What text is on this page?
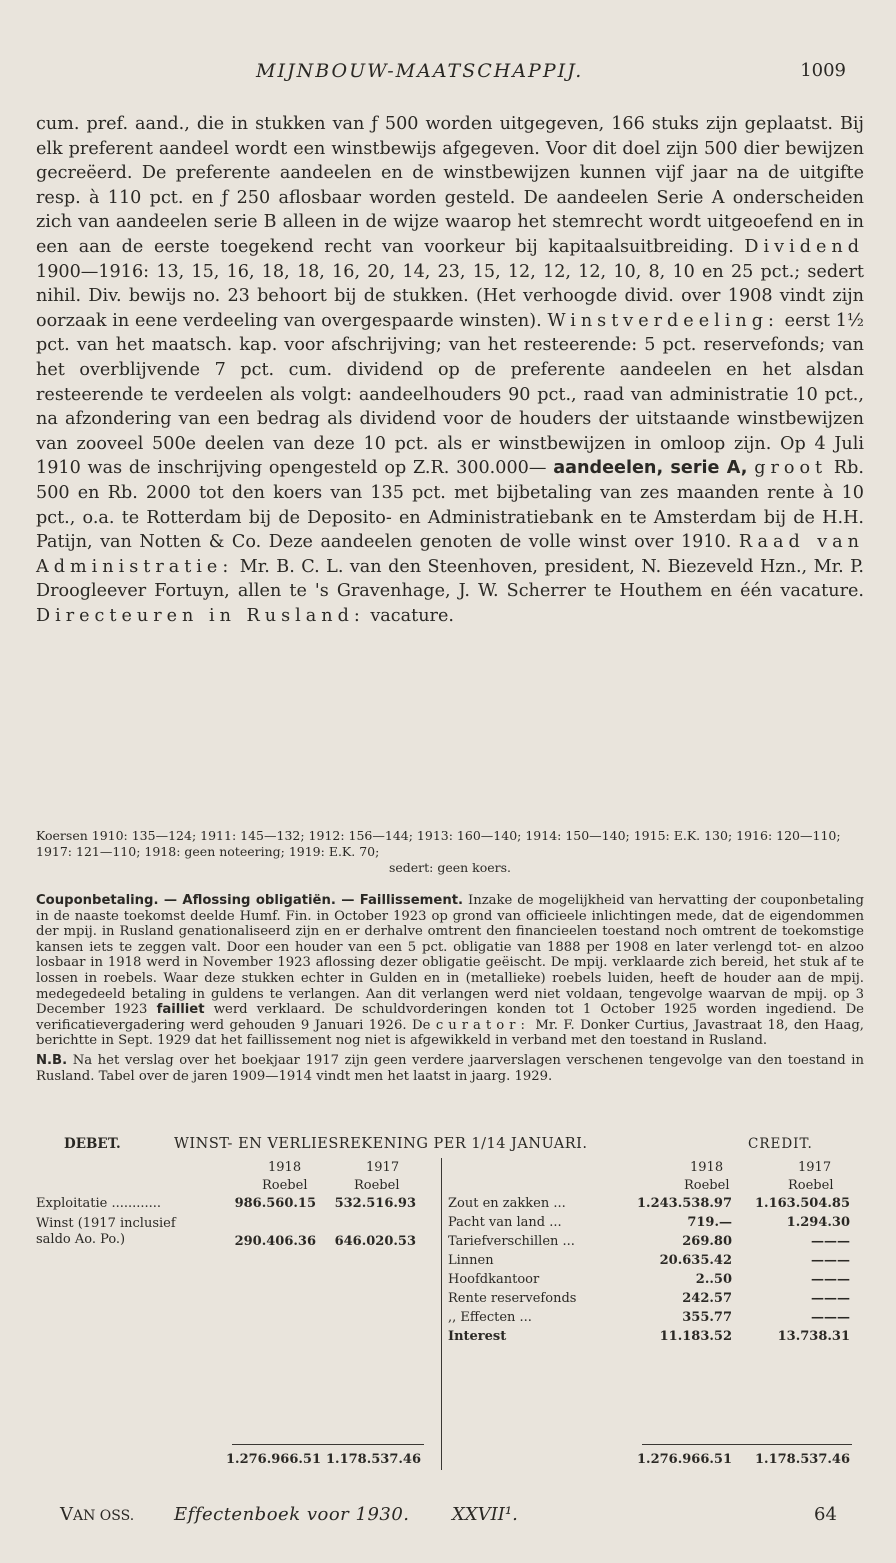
MIJNBOUW-MAATSCHAPPIJ.	1009

cum. pref. aand., die in stukken van ƒ 500 worden uitgegeven, 166 stuks zijn geplaatst. Bij elk preferent aandeel wordt een winstbewijs afgegeven. Voor dit doel zijn 500 dier bewijzen gecreëerd. De preferente aandeelen en de winstbewijzen kunnen vijf jaar na de uitgifte resp. à 110 pct. en ƒ 250 aflosbaar worden gesteld. De aandeelen Serie A onderscheiden zich van aandeelen serie B alleen in de wijze waarop het stemrecht wordt uitgeoefend en in een aan de eerste toegekend recht van voorkeur bij kapitaalsuitbreiding. Dividend 1900—1916: 13, 15, 16, 18, 18, 16, 20, 14, 23, 15, 12, 12, 12, 10, 8, 10 en 25 pct.; sedert nihil. Div. bewijs no. 23 behoort bij de stukken. (Het verhoogde divid. over 1908 vindt zijn oorzaak in eene verdeeling van overgespaarde winsten). Winstverdeeling: eerst 1½ pct. van het maatsch. kap. voor afschrijving; van het resteerende: 5 pct. reservefonds; van het overblijvende 7 pct. cum. dividend op de preferente aandeelen en het alsdan resteerende te verdeelen als volgt: aandeelhouders 90 pct., raad van administratie 10 pct., na afzondering van een bedrag als dividend voor de houders der uitstaande winstbewijzen van zooveel 500e deelen van deze 10 pct. als er winstbewijzen in omloop zijn. Op 4 Juli 1910 was de inschrijving opengesteld op Z.R. 300.000— aandeelen, serie A, groot Rb. 500 en Rb. 2000 tot den koers van 135 pct. met bijbetaling van zes maanden rente à 10 pct., o.a. te Rotterdam bij de Deposito- en Administratiebank en te Amsterdam bij de H.H. Patijn, van Notten & Co. Deze aandeelen genoten de volle winst over 1910. Raad van Administratie: Mr. B. C. L. van den Steenhoven, president, N. Biezeveld Hzn., Mr. P. Droogleever Fortuyn, allen te 's Gravenhage, J. W. Scherrer te Houthem en één vacature. Directeuren in Rusland: vacature.

Koersen 1910: 135—124; 1911: 145—132; 1912: 156—144; 1913: 160—140; 1914: 150—140; 1915: E.K. 130; 1916: 120—110; 1917: 121—110; 1918: geen noteering; 1919: E.K. 70;
sedert: geen koers.

Couponbetaling. — Aflossing obligatiën. — Faillissement. Inzake de mogelijkheid van hervatting der couponbetaling in de naaste toekomst deelde Humf. Fin. in October 1923 op grond van officieele inlichtingen mede, dat de eigendommen der mpij. in Rusland genationaliseerd zijn en er derhalve omtrent den financieelen toestand noch omtrent de toekomstige kansen iets te zeggen valt. Door een houder van een 5 pct. obligatie van 1888 per 1908 en later verlengd tot- en alzoo losbaar in 1918 werd in November 1923 aflossing dezer obligatie geëischt. De mpij. verklaarde zich bereid, het stuk af te lossen in roebels. Waar deze stukken echter in Gulden en in (metallieke) roebels luiden, heeft de houder aan de mpij. medegedeeld betaling in guldens te verlangen. Aan dit verlangen werd niet voldaan, tengevolge waarvan de mpij. op 3 December 1923 failliet werd verklaard. De schuldvorderingen konden tot 1 October 1925 worden ingediend. De verificatievergadering werd gehouden 9 Januari 1926. De curator: Mr. F. Donker Curtius, Javastraat 18, den Haag, berichtte in Sept. 1929 dat het faillissement nog niet is afgewikkeld in verband met den toestand in Rusland.

N.B. Na het verslag over het boekjaar 1917 zijn geen verdere jaarverslagen verschenen tengevolge van den toestand in Rusland. Tabel over de jaren 1909—1914 vindt men het laatst in jaarg. 1929.

DEBET.	WINST- EN VERLIESREKENING PER 1/14 JANUARI.	CREDIT.
1918	1917
Roebel	Roebel
Exploitatie ............	986.560.15	532.516.93
Winst (1917 inclusief saldo Ao. Po.)	290.406.36	646.020.53
1918	1917
Roebel	Roebel
Zout en zakken ...	1.243.538.97	1.163.504.85
Pacht van land ...	719.—	1.294.30
Tariefverschillen ...	269.80	———
Linnen	20.635.42	———
Hoofdkantoor	2..50	———
Rente reservefonds	242.57	———
,, Effecten ...	355.77	———
Interest	11.183.52	13.738.31
1.276.966.51 1.178.537.46	1.276.966.51	1.178.537.46
VAN OSS. Effectenboek voor 1930. XXVII¹.	64
